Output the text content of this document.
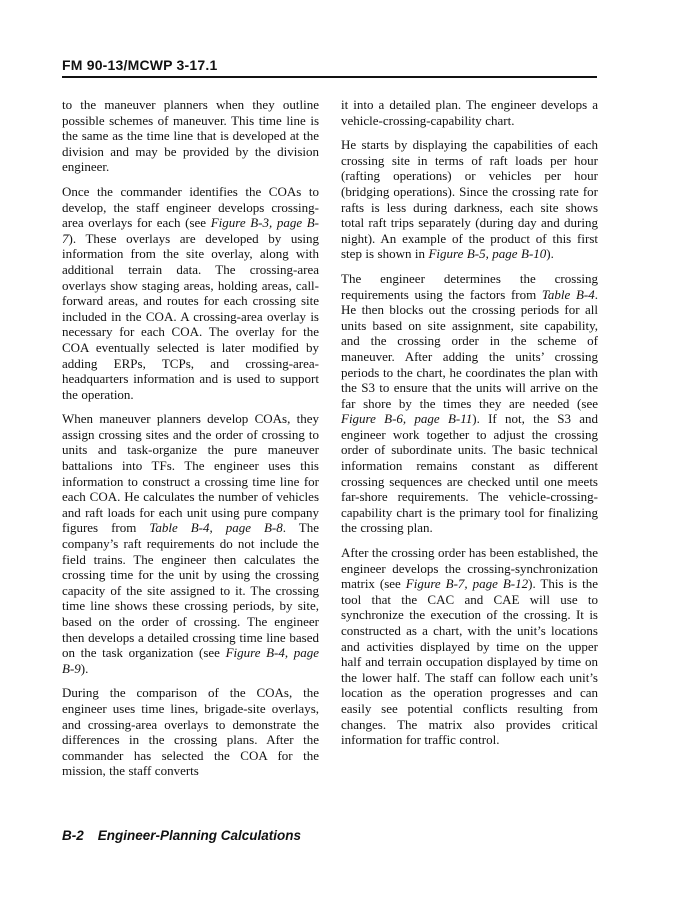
FM 90-13/MCWP 3-17.1

to the maneuver planners when they outline possible schemes of maneuver. This time line is the same as the time line that is developed at the division and may be provided by the division engineer.

Once the commander identifies the COAs to develop, the staff engineer develops crossing-area overlays for each (see Figure B-3, page B-7). These overlays are developed by using information from the site overlay, along with additional terrain data. The crossing-area overlays show staging areas, holding areas, call-forward areas, and routes for each crossing site included in the COA. A crossing-area overlay is necessary for each COA. The overlay for the COA eventually selected is later modified by adding ERPs, TCPs, and crossing-area-headquarters information and is used to support the operation.

When maneuver planners develop COAs, they assign crossing sites and the order of crossing to units and task-organize the pure maneuver battalions into TFs. The engineer uses this information to construct a crossing time line for each COA. He calculates the number of vehicles and raft loads for each unit using pure company figures from Table B-4, page B-8. The company’s raft requirements do not include the field trains. The engineer then calculates the crossing time for the unit by using the crossing capacity of the site assigned to it. The crossing time line shows these crossing periods, by site, based on the order of crossing. The engineer then develops a detailed crossing time line based on the task organization (see Figure B-4, page B-9).

During the comparison of the COAs, the engineer uses time lines, brigade-site overlays, and crossing-area overlays to demonstrate the differences in the crossing plans. After the commander has selected the COA for the mission, the staff converts

it into a detailed plan. The engineer develops a vehicle-crossing-capability chart.

He starts by displaying the capabilities of each crossing site in terms of raft loads per hour (rafting operations) or vehicles per hour (bridging operations). Since the crossing rate for rafts is less during darkness, each site shows total raft trips separately (during day and during night). An example of the product of this first step is shown in Figure B-5, page B-10).

The engineer determines the crossing requirements using the factors from Table B-4. He then blocks out the crossing periods for all units based on site assignment, site capability, and the crossing order in the scheme of maneuver. After adding the units’ crossing periods to the chart, he coordinates the plan with the S3 to ensure that the units will arrive on the far shore by the times they are needed (see Figure B-6, page B-11). If not, the S3 and engineer work together to adjust the crossing order of subordinate units. The basic technical information remains constant as different crossing sequences are checked until one meets far-shore requirements. The vehicle-crossing-capability chart is the primary tool for finalizing the crossing plan.

After the crossing order has been established, the engineer develops the crossing-synchronization matrix (see Figure B-7, page B-12). This is the tool that the CAC and CAE will use to synchronize the execution of the crossing. It is constructed as a chart, with the unit’s locations and activities displayed by time on the upper half and terrain occupation displayed by time on the lower half. The staff can follow each unit’s location as the operation progresses and can easily see potential conflicts resulting from changes. The matrix also provides critical information for traffic control.

B-2 Engineer-Planning Calculations
